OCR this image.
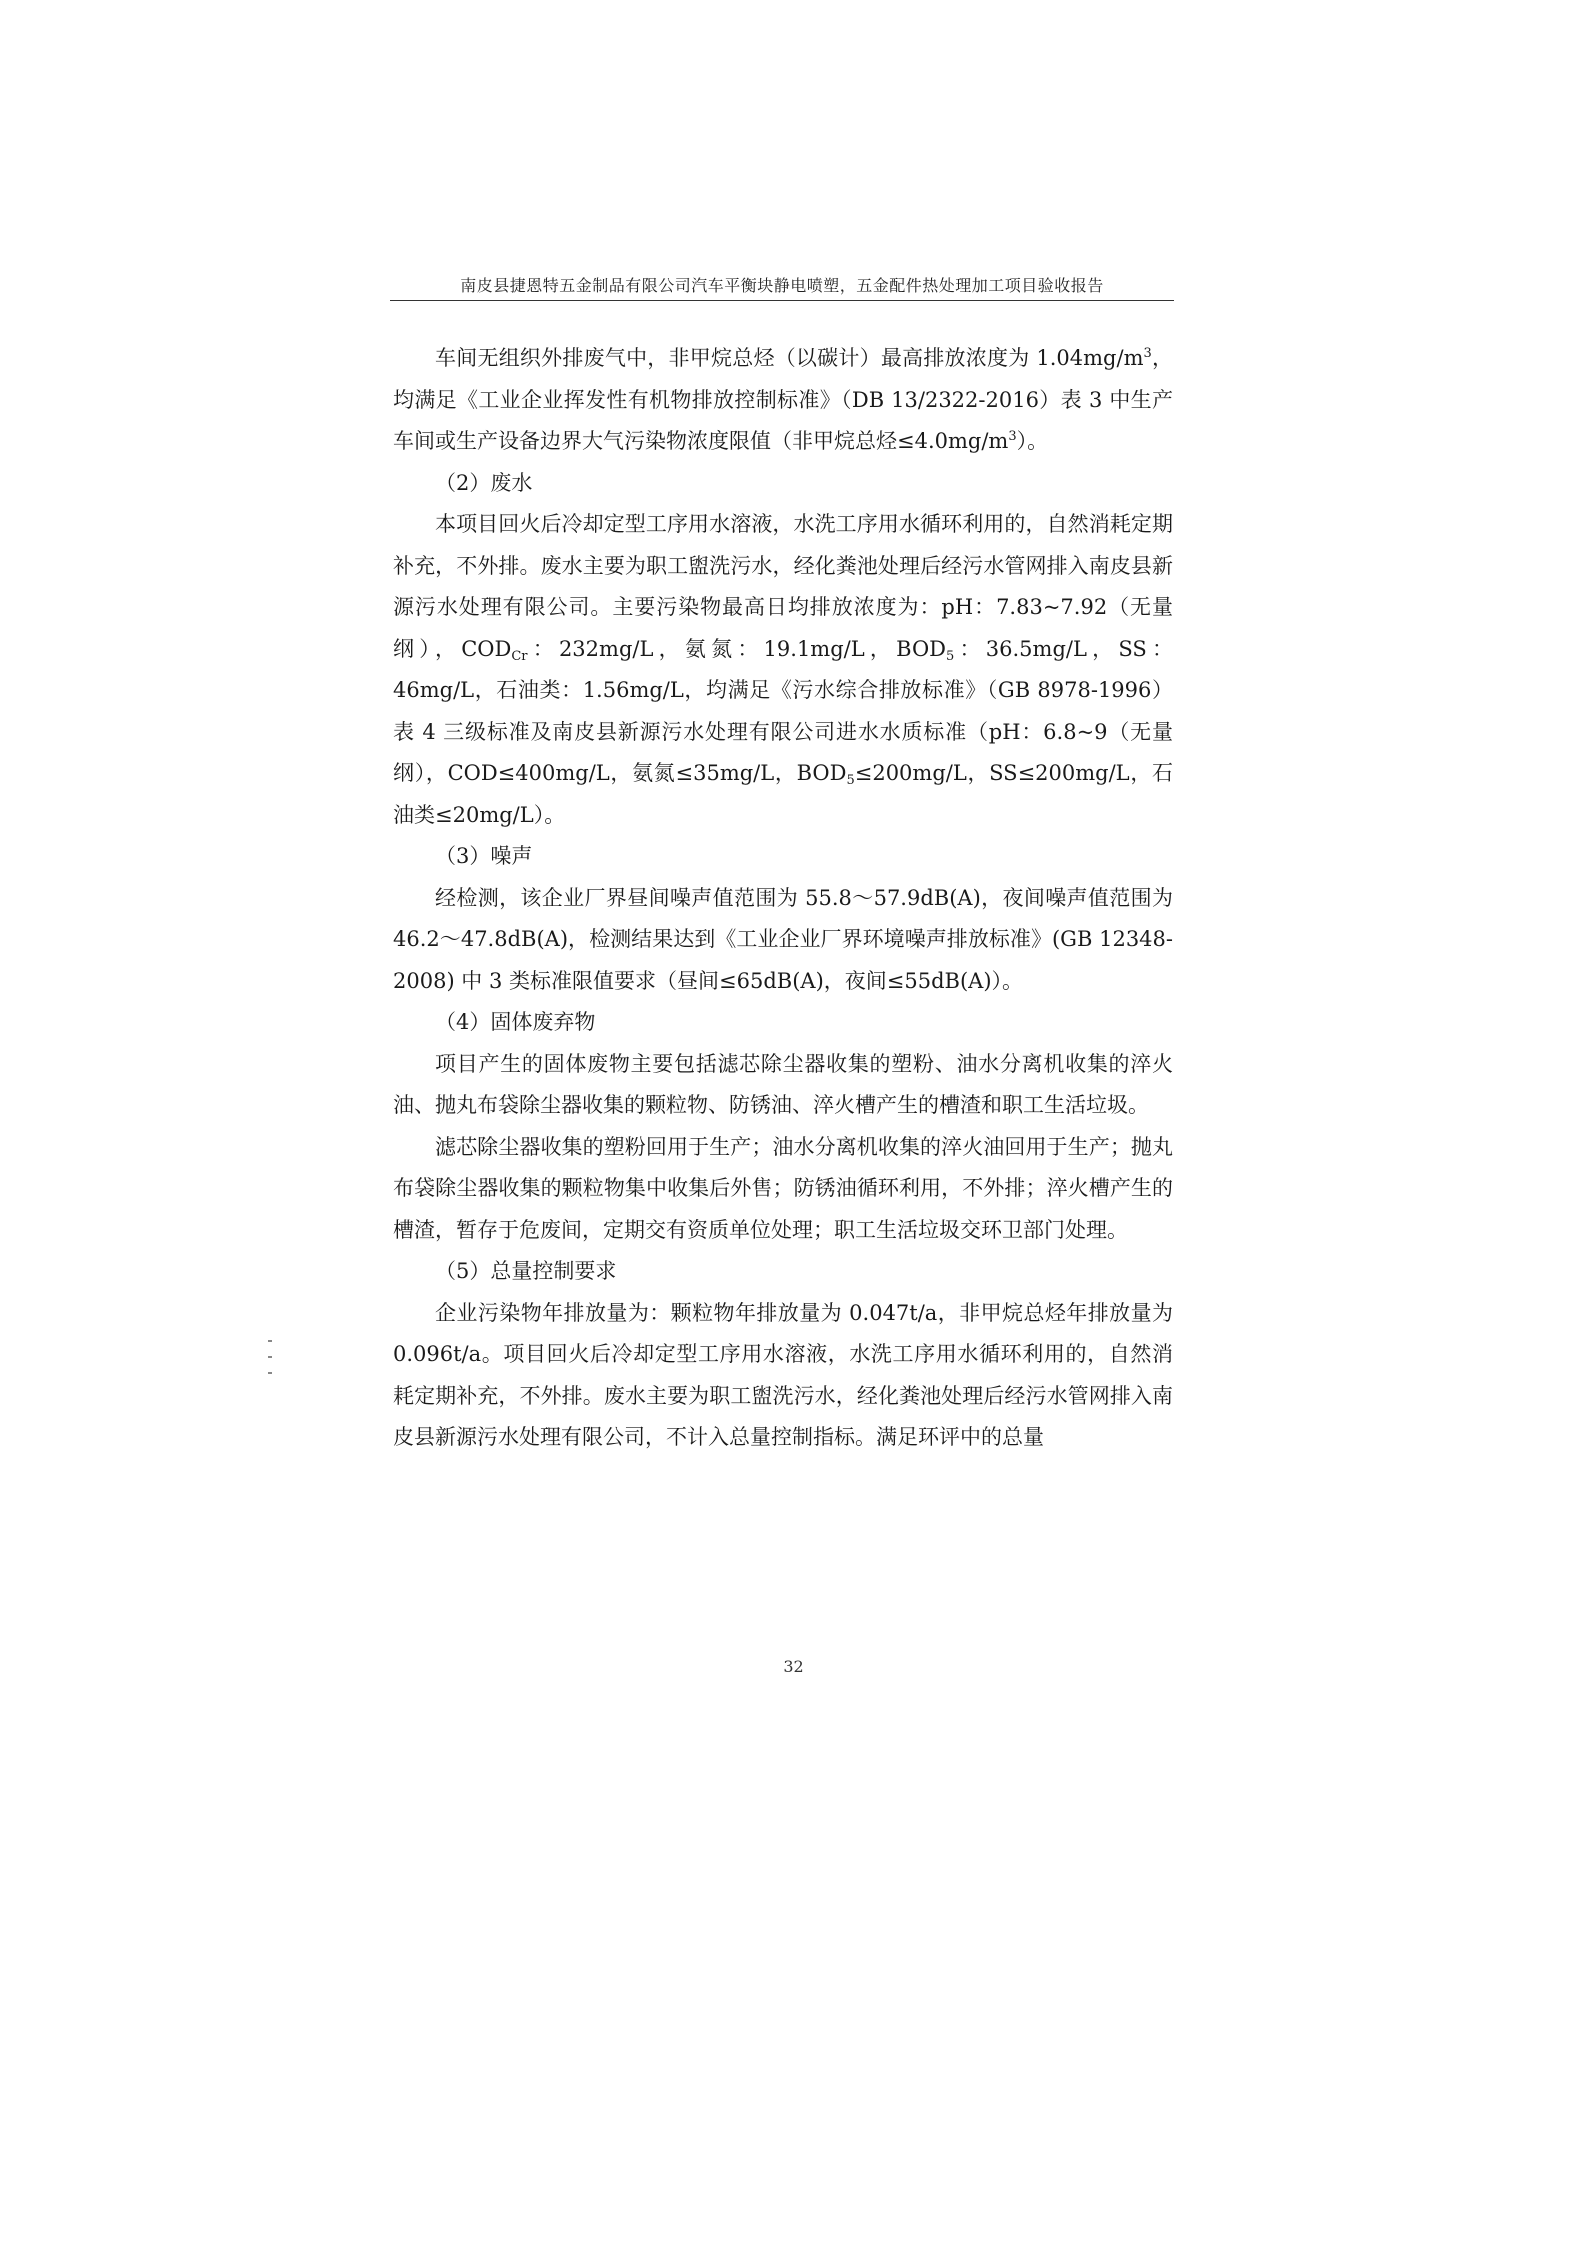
南皮县捷恩特五金制品有限公司汽车平衡块静电喷塑，五金配件热处理加工项目验收报告

车间无组织外排废气中，非甲烷总烃（以碳计）最高排放浓度为 $1.04mg/m^3$，均满足《工业企业挥发性有机物排放控制标准》（DB 13/2322-2016）表 3 中生产车间或生产设备边界大气污染物浓度限值（非甲烷总烃$\le 4.0mg/m^3$）。

（2）废水

本项目回火后冷却定型工序用水溶液，水洗工序用水循环利用的，自然消耗定期补充，不外排。废水主要为职工盥洗污水，经化粪池处理后经污水管网排入南皮县新源污水处理有限公司。主要污染物最高日均排放浓度为：pH：7.83~7.92（无量纲），$COD_{Cr}$：232mg/L，氨氮：19.1mg/L，$BOD_5$：36.5mg/L，SS：46mg/L，石油类：1.56mg/L，均满足《污水综合排放标准》（GB 8978-1996）表 4 三级标准及南皮县新源污水处理有限公司进水水质标准（pH：6.8~9（无量纲），COD≤400mg/L，氨氮≤35mg/L，$BOD_5\le 200mg/L$，SS≤200mg/L，石油类≤20mg/L）。

（3）噪声

经检测，该企业厂界昼间噪声值范围为 55.8～57.9dB(A)，夜间噪声值范围为 46.2～47.8dB(A)，检测结果达到《工业企业厂界环境噪声排放标准》(GB 12348-2008) 中 3 类标准限值要求（昼间≤65dB(A)，夜间≤55dB(A)）。

（4）固体废弃物

项目产生的固体废物主要包括滤芯除尘器收集的塑粉、油水分离机收集的淬火油、抛丸布袋除尘器收集的颗粒物、防锈油、淬火槽产生的槽渣和职工生活垃圾。

滤芯除尘器收集的塑粉回用于生产；油水分离机收集的淬火油回用于生产；抛丸布袋除尘器收集的颗粒物集中收集后外售；防锈油循环利用，不外排；淬火槽产生的槽渣，暂存于危废间，定期交有资质单位处理；职工生活垃圾交环卫部门处理。

（5）总量控制要求

企业污染物年排放量为：颗粒物年排放量为 0.047t/a，非甲烷总烃年排放量为 0.096t/a。项目回火后冷却定型工序用水溶液，水洗工序用水循环利用的，自然消耗定期补充，不外排。废水主要为职工盥洗污水，经化粪池处理后经污水管网排入南皮县新源污水处理有限公司，不计入总量控制指标。满足环评中的总量

32
